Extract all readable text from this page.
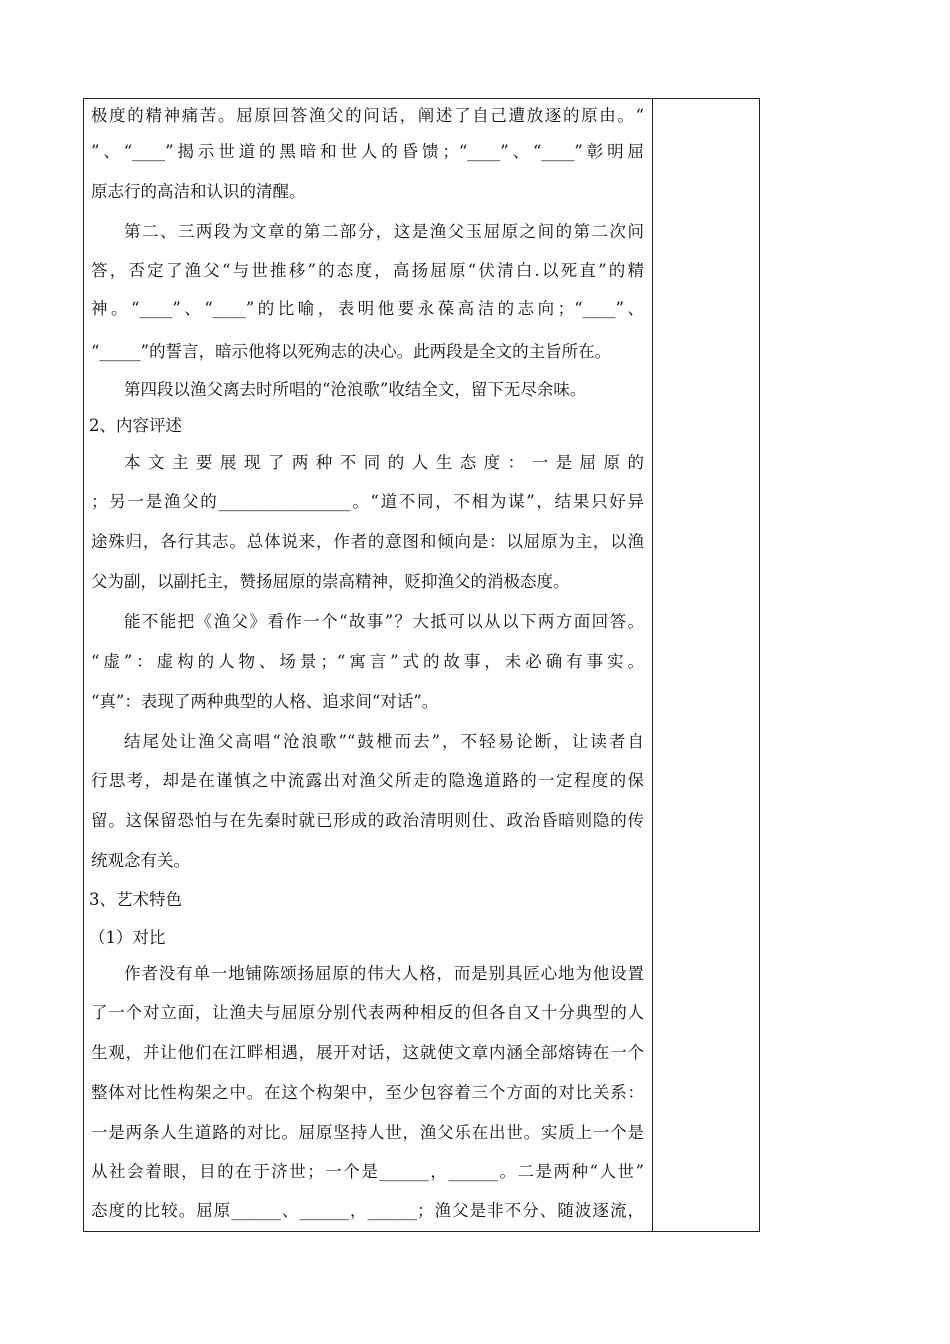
极度的精神痛苦。屈原回答渔父的问话，阐述了自己遭放逐的原由。“
”、“____”揭示世道的黑暗和世人的昏馈；“____”、“____”彰明屈
原志行的高洁和认识的清醒。
第二、三两段为文章的第二部分，这是渔父玉屈原之间的第二次问
答，否定了渔父“与世推移”的态度，高扬屈原“伏清白.以死直”的精
神。“____”、“____”的比喻，表明他要永葆高洁的志向；“____”、
“_____”的誓言，暗示他将以死殉志的决心。此两段是全文的主旨所在。
第四段以渔父离去时所唱的“沧浪歌”收结全文，留下无尽余味。
2、内容评述
本文主要展现了两种不同的人生态度：一是屈原的
；另一是渔父的________________。“道不同，不相为谋”，结果只好异
途殊归，各行其志。总体说来，作者的意图和倾向是：以屈原为主，以渔
父为副，以副托主，赞扬屈原的崇高精神，贬抑渔父的消极态度。
能不能把《渔父》看作一个“故事”？大抵可以从以下两方面回答。
“虚”：虚构的人物、场景；“寓言”式的故事，未必确有事实。
“真”：表现了两种典型的人格、追求间“对话”。
结尾处让渔父高唱“沧浪歌”“鼓枻而去”，不轻易论断，让读者自
行思考，却是在谨慎之中流露出对渔父所走的隐逸道路的一定程度的保
留。这保留恐怕与在先秦时就已形成的政治清明则仕、政治昏暗则隐的传
统观念有关。
3、艺术特色
（1）对比
作者没有单一地铺陈颂扬屈原的伟大人格，而是别具匠心地为他设置
了一个对立面，让渔夫与屈原分别代表两种相反的但各自又十分典型的人
生观，并让他们在江畔相遇，展开对话，这就使文章内涵全部熔铸在一个
整体对比性构架之中。在这个构架中，至少包容着三个方面的对比关系：
一是两条人生道路的对比。屈原坚持人世，渔父乐在出世。实质上一个是
从社会着眼，目的在于济世；一个是______，______。二是两种“人世”
态度的比较。屈原______、______，______；渔父是非不分、随波逐流，
